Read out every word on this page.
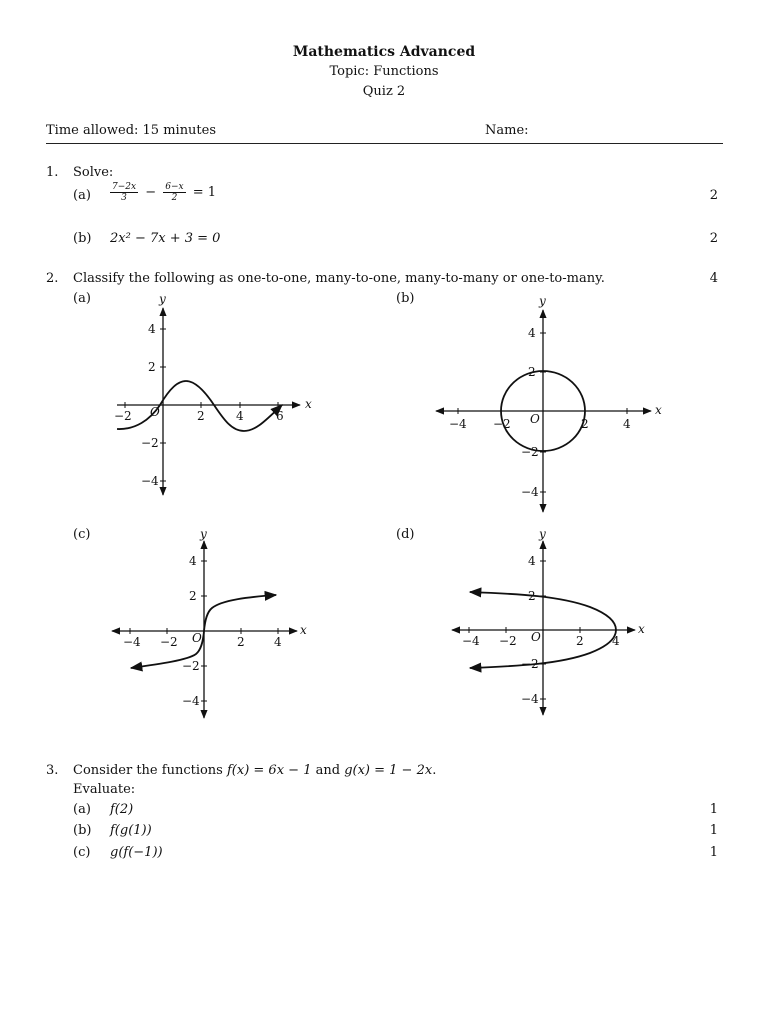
Mathematics Advanced
Topic: Functions
Quiz 2
Time allowed: 15 minutes	Name:
1. Solve:
$(a) \frac{7-2x}{3} - \frac{6-x}{2} = 1$	2
(b) 2x² − 7x + 3 = 0	2
2. Classify the following as one-to-one, many-to-one, many-to-many or one-to-many.	4
(a)	(b)
(c)	(d)
−2	2	4	6
4
2
−2
−4
O
x
y
−4 −2	2	4
4
2
−2
−4
O
x
y
−4 −2	2 4
4
2
−2
−4
O
x
y
−4 −2	2 4
4
2
−2
−4
O
x
y
3. Consider the functions f(x) = 6x − 1 and g(x) = 1 − 2x.
Evaluate:
(a) f(2)	1
(b) f(g(1))	1
(c) g(f(−1))	1
